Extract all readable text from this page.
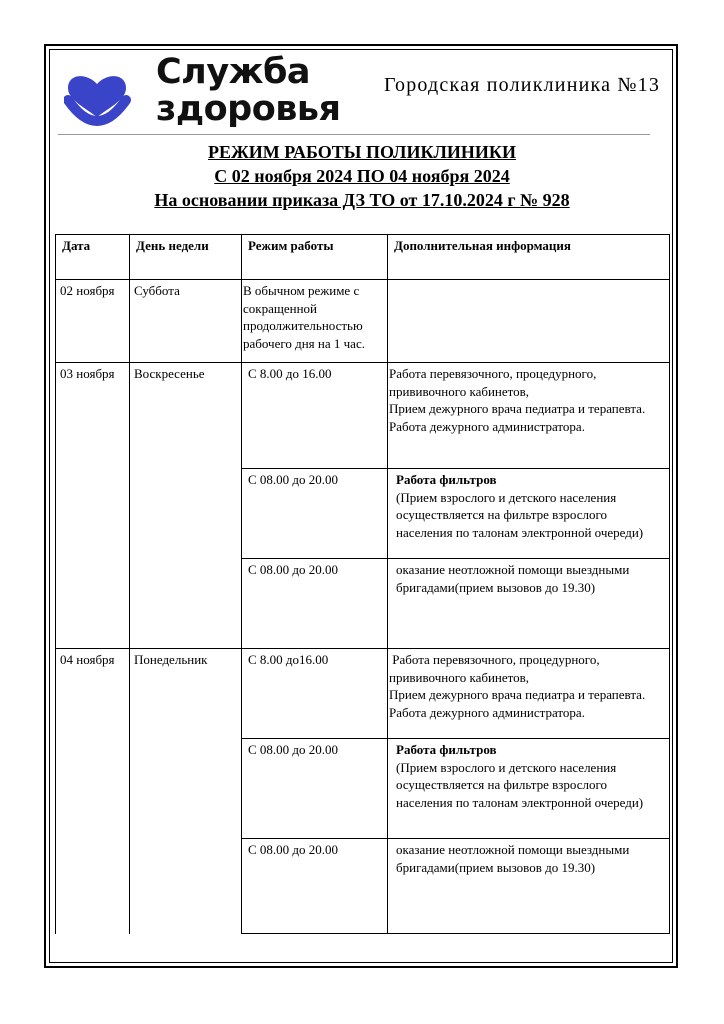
Служба
здоровья
Городская поликлиника №13
РЕЖИМ РАБОТЫ ПОЛИКЛИНИКИ
С 02 ноября 2024 ПО 04 ноября 2024
На основании приказа ДЗ ТО от 17.10.2024 г № 928
Дата	День недели	Режим работы	Дополнительная информация
02 ноября	Суббота	В обычном режиме с сокращенной продолжительностью рабочего дня на 1 час.	
03 ноября	Воскресенье	С 8.00 до 16.00	Работа перевязочного, процедурного, прививочного кабинетов,
Прием дежурного врача педиатра и терапевта.
Работа дежурного администратора.
		С 08.00 до 20.00	Работа фильтров
(Прием взрослого и детского населения осуществляется на фильтре взрослого населения по талонам электронной очереди)

		С 08.00 до 20.00	оказание неотложной помощи выездными бригадами(прием вызовов до 19.30)
04 ноября	Понедельник	С 8.00 до16.00	Работа перевязочного, процедурного,
прививочного кабинетов,
Прием дежурного врача педиатра и терапевта.
Работа дежурного администратора.

		С 08.00 до 20.00	Работа фильтров
(Прием взрослого и детского населения осуществляется на фильтре взрослого населения по талонам электронной очереди)

		С 08.00 до 20.00	оказание неотложной помощи выездными бригадами(прием вызовов до 19.30)
